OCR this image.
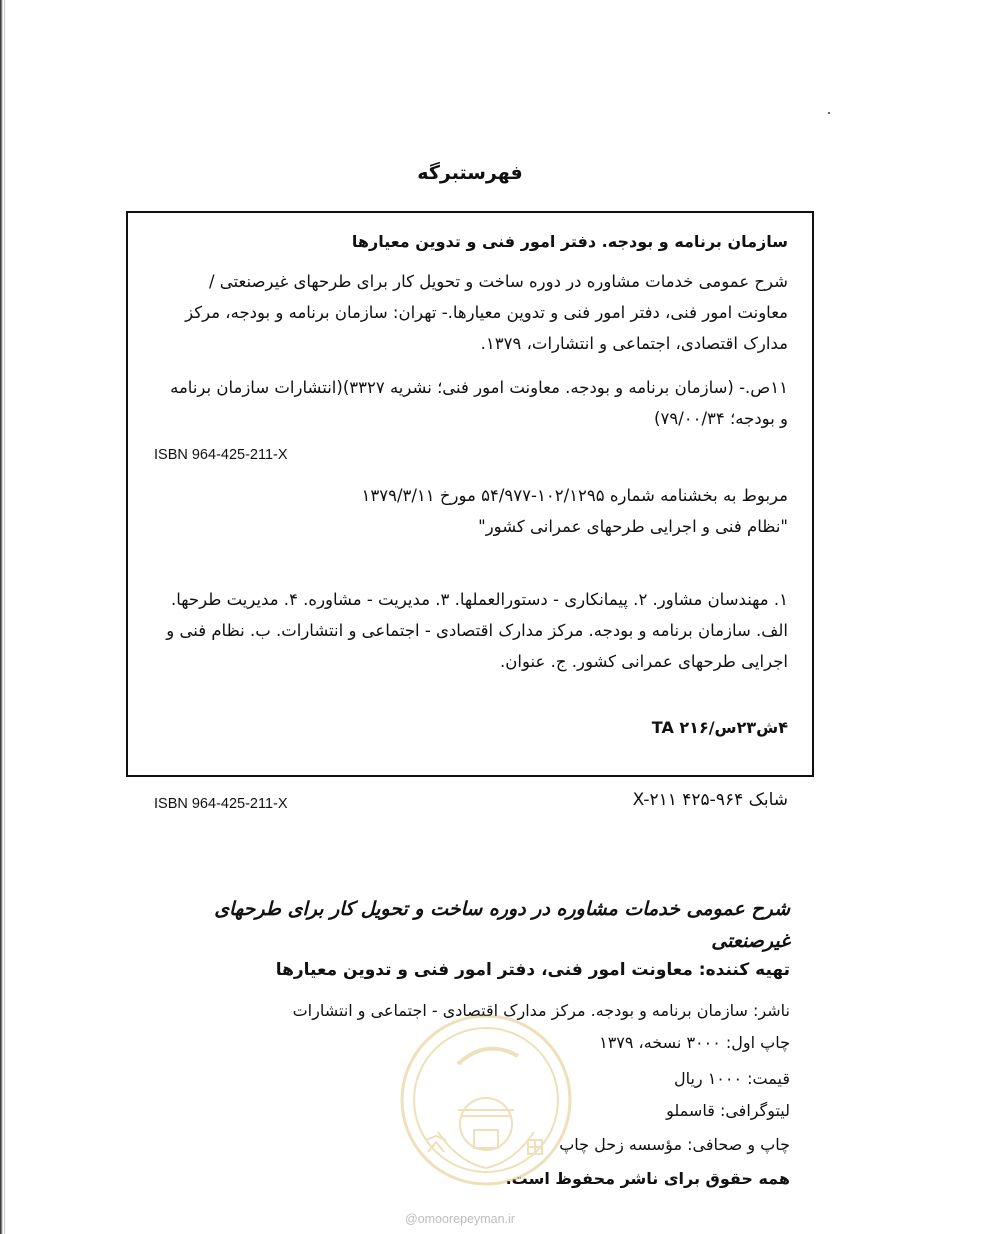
فهرستبرگه
سازمان برنامه و بودجه. دفتر امور فنی و تدوین معیارها
شرح عمومی خدمات مشاوره در دوره ساخت و تحویل کار برای طرحهای غیرصنعتی / معاونت امور فنی، دفتر امور فنی و تدوین معیارها.- تهران: سازمان برنامه و بودجه، مرکز مدارک اقتصادی، اجتماعی و انتشارات، ۱۳۷۹.
۱۱ص.- (سازمان برنامه و بودجه. معاونت امور فنی؛ نشریه ۳۳۲۷)(انتشارات سازمان برنامه و بودجه؛ ۷۹/۰۰/۳۴)
ISBN 964-425-211-X
مربوط به بخشنامه شماره ۱۰۲/۱۲۹۵-۵۴/۹۷۷ مورخ ۱۳۷۹/۳/۱۱
"نظام فنی و اجرایی طرحهای عمرانی کشور"
۱. مهندسان مشاور. ۲. پیمانکاری - دستورالعملها. ۳. مدیریت - مشاوره. ۴. مدیریت طرحها. الف. سازمان برنامه و بودجه. مرکز مدارک اقتصادی - اجتماعی و انتشارات. ب. نظام فنی و اجرایی طرحهای عمرانی کشور. ج. عنوان.
۴ش۲۳س/۲۱۶ TA
ISBN 964-425-211-X	شابک X-۲۱۱ ۴۲۵-۹۶۴
شرح عمومی خدمات مشاوره در دوره ساخت و تحویل کار برای طرحهای غیرصنعتی
تهیه کننده: معاونت امور فنی، دفتر امور فنی و تدوین معیارها
ناشر: سازمان برنامه و بودجه. مرکز مدارک اقتصادی - اجتماعی و انتشارات
چاپ اول: ۳۰۰۰ نسخه، ۱۳۷۹
قیمت: ۱۰۰۰ ریال
لیتوگرافی: قاسملو
چاپ و صحافی: مؤسسه زحل چاپ
همه حقوق برای ناشر محفوظ است.
@omoorepeyman.ir
